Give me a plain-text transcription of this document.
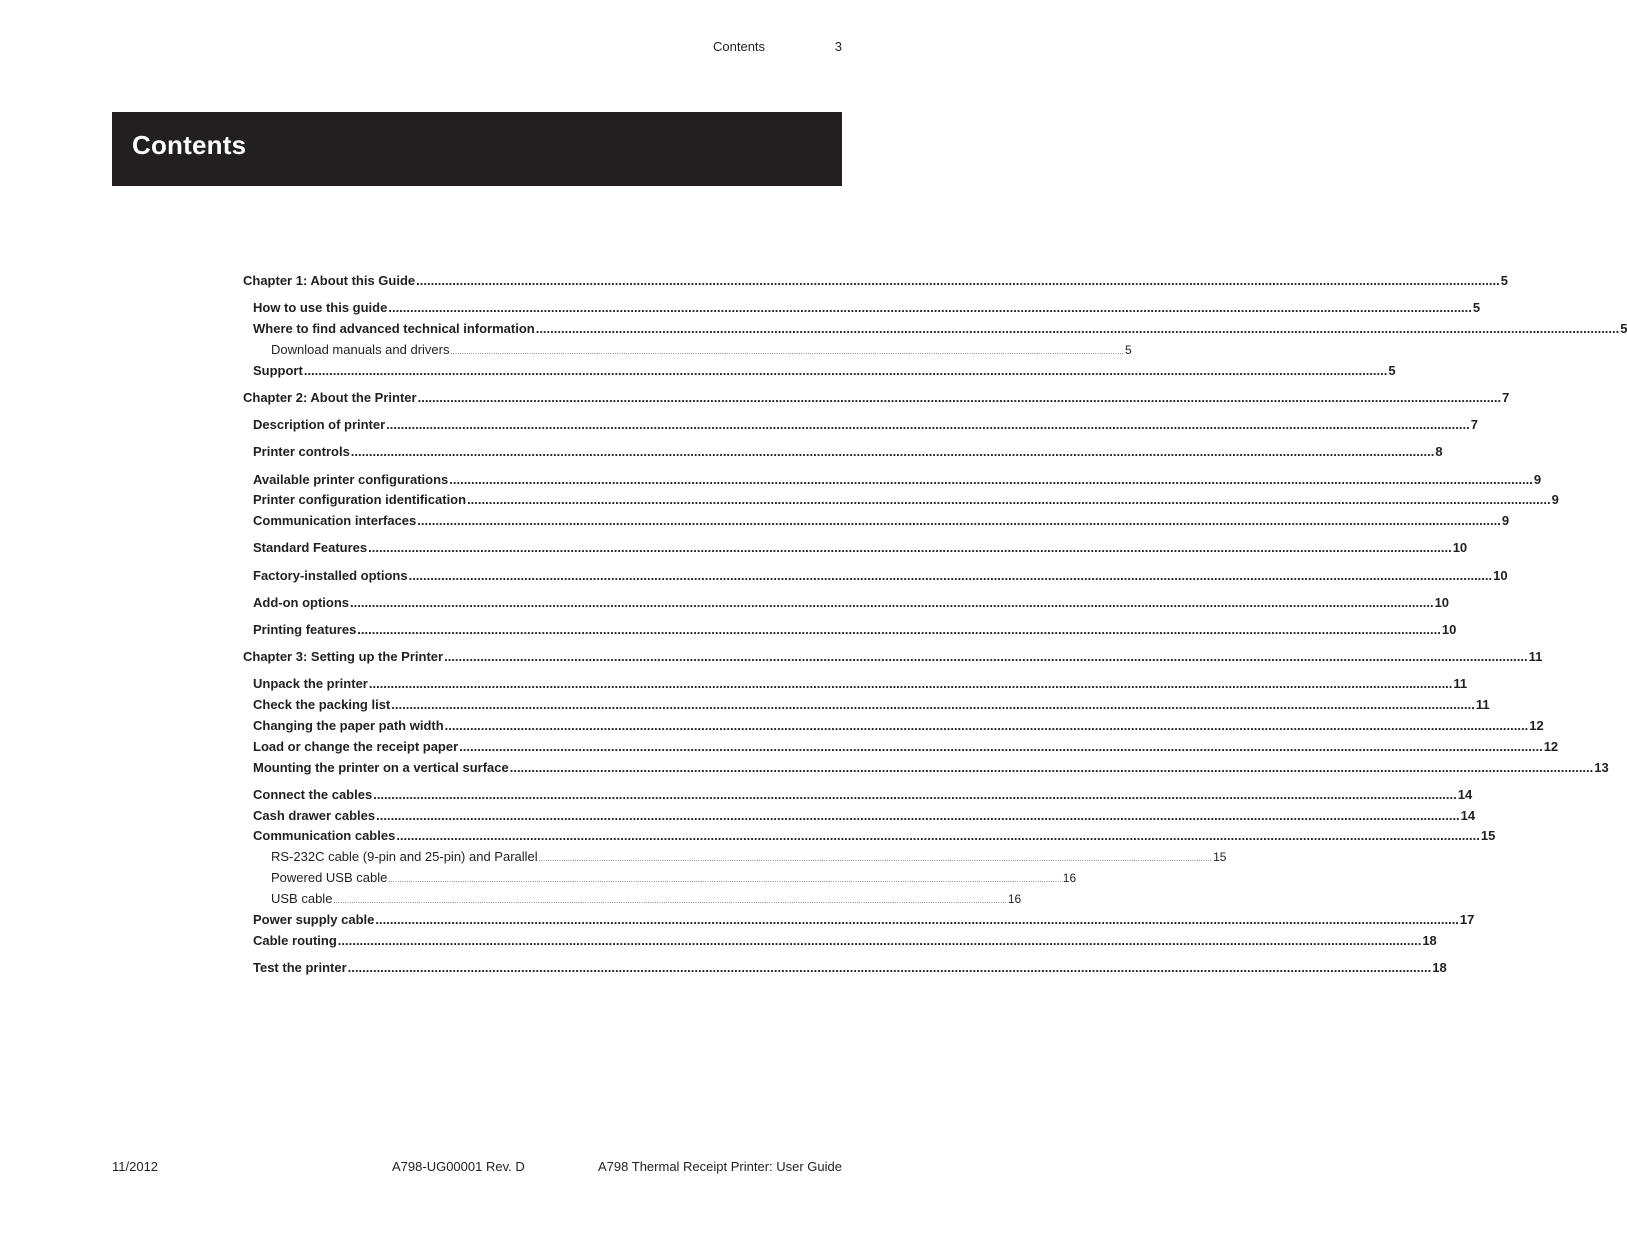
Contents	3
Contents
Chapter 1: About this Guide ............................................................................................................................................................................................................................................................................................................ 5
How to use this guide ............................................................................................................................................................................................................................................................................................................ 5
Where to find advanced technical information ............................................................................................................................................................................................................................................................................................................ 5
Download manuals and drivers ............................................................................................................................................................................................................................................................................................................ 5
Support ............................................................................................................................................................................................................................................................................................................ 5
Chapter 2: About the Printer ............................................................................................................................................................................................................................................................................................................ 7
Description of printer ............................................................................................................................................................................................................................................................................................................ 7
Printer controls ............................................................................................................................................................................................................................................................................................................ 8
Available printer configurations ............................................................................................................................................................................................................................................................................................................ 9
Printer configuration identification ............................................................................................................................................................................................................................................................................................................ 9
Communication interfaces ............................................................................................................................................................................................................................................................................................................ 9
Standard Features ............................................................................................................................................................................................................................................................................................................ 10
Factory-installed options ............................................................................................................................................................................................................................................................................................................ 10
Add-on options ............................................................................................................................................................................................................................................................................................................ 10
Printing features ............................................................................................................................................................................................................................................................................................................ 10
Chapter 3: Setting up the Printer ............................................................................................................................................................................................................................................................................................................ 11
Unpack the printer ............................................................................................................................................................................................................................................................................................................ 11
Check the packing list ............................................................................................................................................................................................................................................................................................................ 11
Changing the paper path width ............................................................................................................................................................................................................................................................................................................ 12
Load or change the receipt paper ............................................................................................................................................................................................................................................................................................................ 12
Mounting the printer on a vertical surface ............................................................................................................................................................................................................................................................................................................ 13
Connect the cables ............................................................................................................................................................................................................................................................................................................ 14
Cash drawer cables ............................................................................................................................................................................................................................................................................................................ 14
Communication cables ............................................................................................................................................................................................................................................................................................................ 15
RS-232C cable (9-pin and 25-pin) and Parallel ............................................................................................................................................................................................................................................................................................................ 15
Powered USB cable ............................................................................................................................................................................................................................................................................................................ 16
USB cable ............................................................................................................................................................................................................................................................................................................ 16
Power supply cable ............................................................................................................................................................................................................................................................................................................ 17
Cable routing ............................................................................................................................................................................................................................................................................................................ 18
Test the printer ............................................................................................................................................................................................................................................................................................................ 18
11/2012	A798-UG00001 Rev. D	A798 Thermal Receipt Printer: User Guide
